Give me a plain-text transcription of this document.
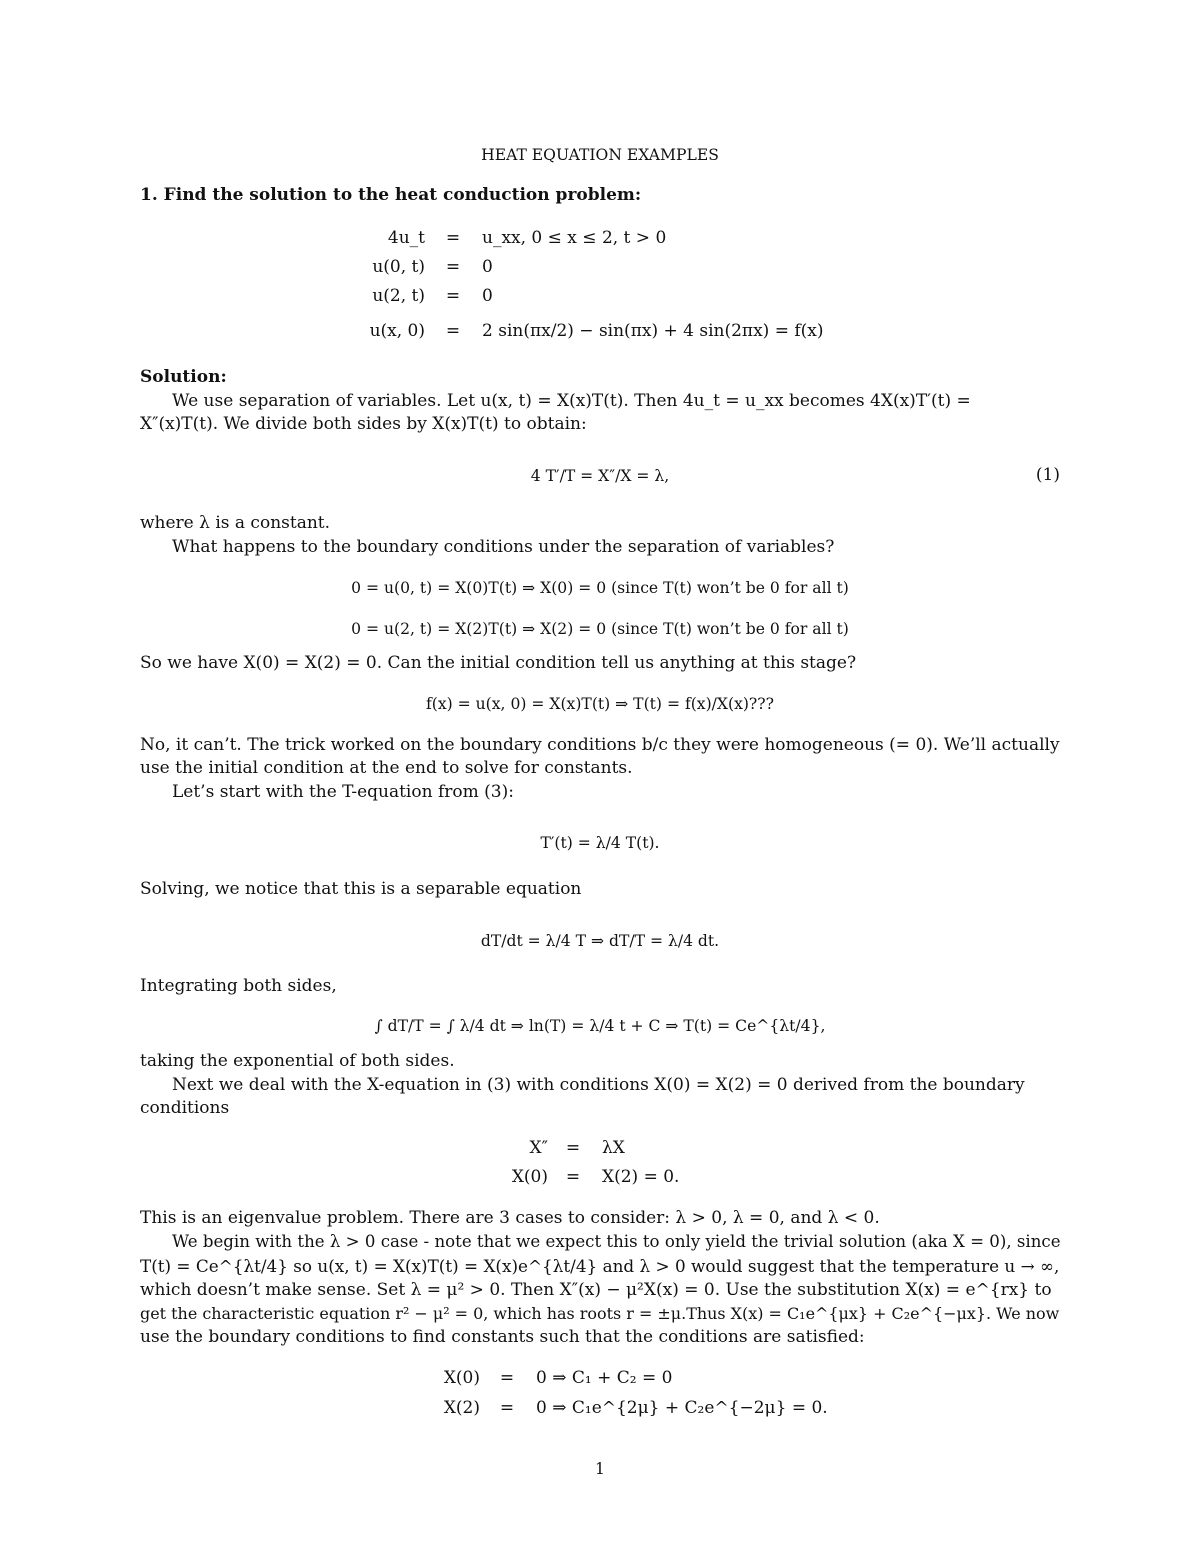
HEAT EQUATION EXAMPLES
1. Find the solution to the heat conduction problem:
4u_t	=	u_xx, 0 ≤ x ≤ 2, t > 0
u(0, t)	=	0
u(2, t)	=	0
u(x, 0)	=	2 sin(πx/2) − sin(πx) + 4 sin(2πx) = f(x)
Solution:
We use separation of variables. Let u(x, t) = X(x)T(t). Then 4u_t = u_xx becomes 4X(x)T′(t) =
X″(x)T(t). We divide both sides by X(x)T(t) to obtain:
4 T′/T = X″/X = λ,	(1)
where λ is a constant.
What happens to the boundary conditions under the separation of variables?
0 = u(0, t) = X(0)T(t) ⇒ X(0) = 0 (since T(t) won’t be 0 for all t)
0 = u(2, t) = X(2)T(t) ⇒ X(2) = 0 (since T(t) won’t be 0 for all t)
So we have X(0) = X(2) = 0. Can the initial condition tell us anything at this stage?
f(x) = u(x, 0) = X(x)T(t) ⇒ T(t) = f(x)/X(x)???
No, it can’t. The trick worked on the boundary conditions b/c they were homogeneous (= 0). We’ll actually
use the initial condition at the end to solve for constants.
Let’s start with the T-equation from (3):
T′(t) = λ/4 T(t).
Solving, we notice that this is a separable equation
dT/dt = λ/4 T ⇒ dT/T = λ/4 dt.
Integrating both sides,
∫ dT/T = ∫ λ/4 dt ⇒ ln(T) = λ/4 t + C ⇒ T(t) = Ce^{λt/4},
taking the exponential of both sides.
Next we deal with the X-equation in (3) with conditions X(0) = X(2) = 0 derived from the boundary
conditions
X″	=	λX
X(0)	=	X(2) = 0.
This is an eigenvalue problem. There are 3 cases to consider: λ > 0, λ = 0, and λ < 0.
We begin with the λ > 0 case - note that we expect this to only yield the trivial solution (aka X = 0), since
T(t) = Ce^{λt/4} so u(x, t) = X(x)T(t) = X(x)e^{λt/4} and λ > 0 would suggest that the temperature u → ∞,
which doesn’t make sense. Set λ = μ² > 0. Then X″(x) − μ²X(x) = 0. Use the substitution X(x) = e^{rx} to
get the characteristic equation r² − μ² = 0, which has roots r = ±μ.Thus X(x) = C₁e^{μx} + C₂e^{−μx}. We now
use the boundary conditions to find constants such that the conditions are satisfied:
X(0)	=	0 ⇒ C₁ + C₂ = 0
X(2)	=	0 ⇒ C₁e^{2μ} + C₂e^{−2μ} = 0.
1
